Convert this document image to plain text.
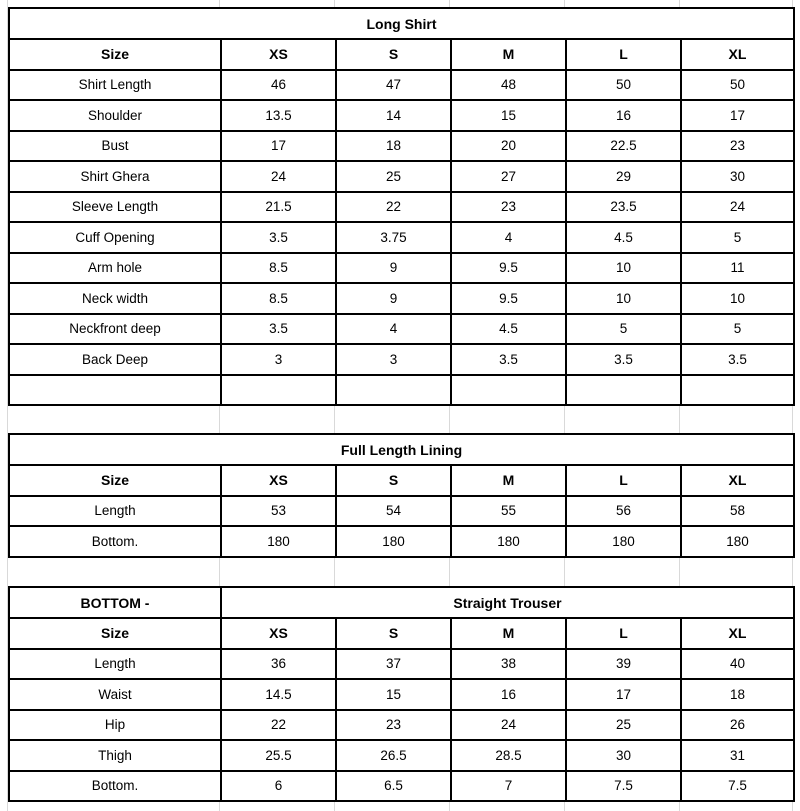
Long Shirt					
Size	XS	S	M	L	XL
Shirt Length	46	47	48	50	50
Shoulder	13.5	14	15	16	17
Bust	17	18	20	22.5	23
Shirt Ghera	24	25	27	29	30
Sleeve Length	21.5	22	23	23.5	24
Cuff Opening	3.5	3.75	4	4.5	5
Arm hole	8.5	9	9.5	10	11
Neck width	8.5	9	9.5	10	10
Neckfront deep	3.5	4	4.5	5	5
Back Deep	3	3	3.5	3.5	3.5

Full Length Lining					
Size	XS	S	M	L	XL
Length	53	54	55	56	58
Bottom.	180	180	180	180	180
BOTTOM -	Straight Trouser				
Size	XS	S	M	L	XL
Length	36	37	38	39	40
Waist	14.5	15	16	17	18
Hip	22	23	24	25	26
Thigh	25.5	26.5	28.5	30	31
Bottom.	6	6.5	7	7.5	7.5
